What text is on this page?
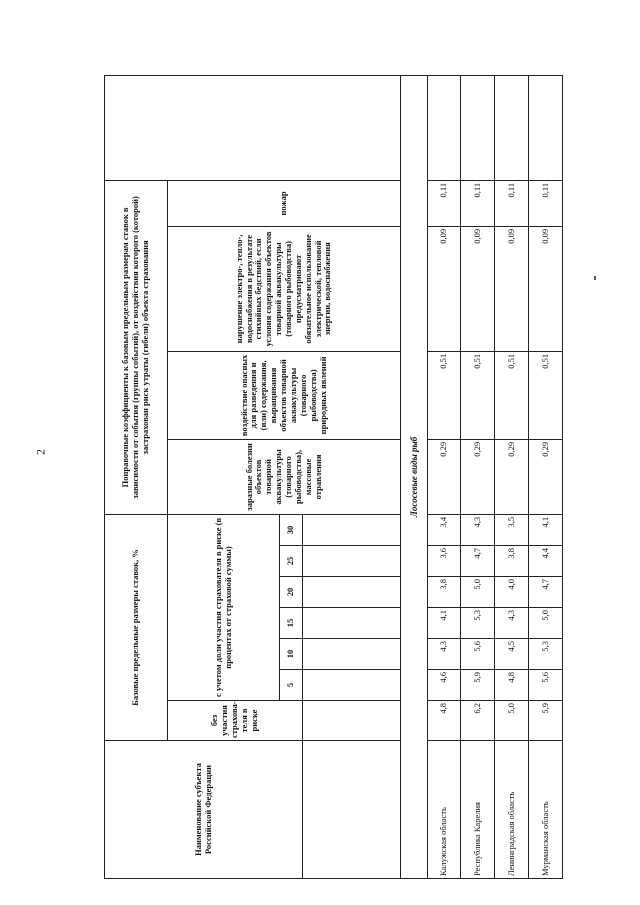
2
Наименование субъекта Российской Федерации	Базовые предельные размеры ставок, %							Поправочные коэффициенты к базовым предельным размерам ставок в зависимости от события (группы событий), от воздействия которого (которой) застрахован риск утраты (гибели) объекта страхования				
	без участия страхова-теля в риске	с учетом доли участия страхователя в риске (в процентах от страховой суммы)						заразные болезни объектов товарной аквакультуры (товарного рыбоводства), массовые отравления	воздействие опасных для разведения и (или) содержания, выращивания объектов товарной аквакультуры (товарного рыбоводства) природных явлений	нарушение электро-, тепло-, водоснабжения в результате стихийных бедствий, если условия содержания объектов товарной аквакультуры (товарного рыбоводства) предусматривают обязательное использование электрической, тепловой энергии, водоснабжения	пожар	
		5	10	15	20	25	30					

Лососевые виды рыб												
Калужская область	4,8	4,6	4,3	4,1	3,8	3,6	3,4	0,29	0,51	0,09	0,11	
Республика Карелия	6,2	5,9	5,6	5,3	5,0	4,7	4,3	0,29	0,51	0,09	0,11	
Ленинградская область	5,0	4,8	4,5	4,3	4,0	3,8	3,5	0,29	0,51	0,09	0,11	
Мурманская область	5,9	5,6	5,3	5,0	4,7	4,4	4,1	0,29	0,51	0,09	0,11	
